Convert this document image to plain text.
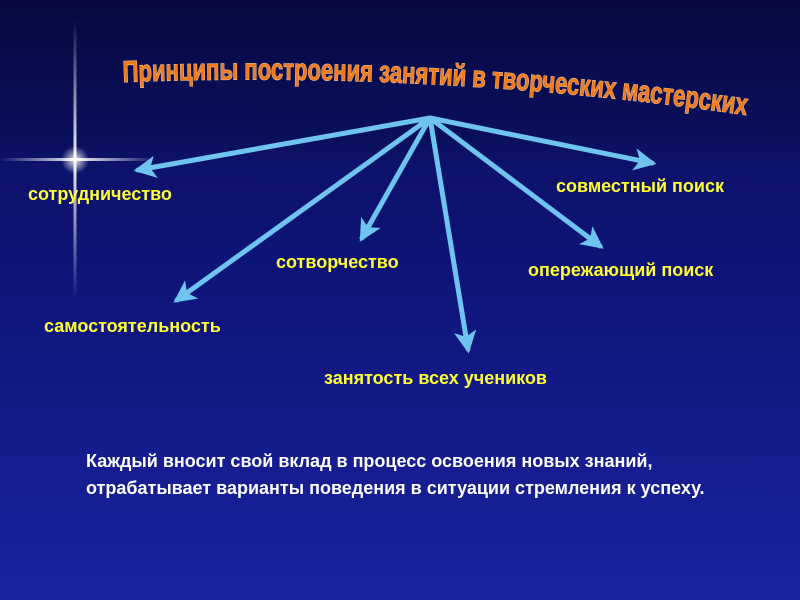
Принципы построения занятий в творческих мастерских
сотрудничество	совместный поиск
сотворчество	опережающий поиск
самостоятельность
занятость всех учеников
Каждый вносит свой вклад в процесс освоения новых знаний, отрабатывает варианты поведения в ситуации стремления к успеху.
